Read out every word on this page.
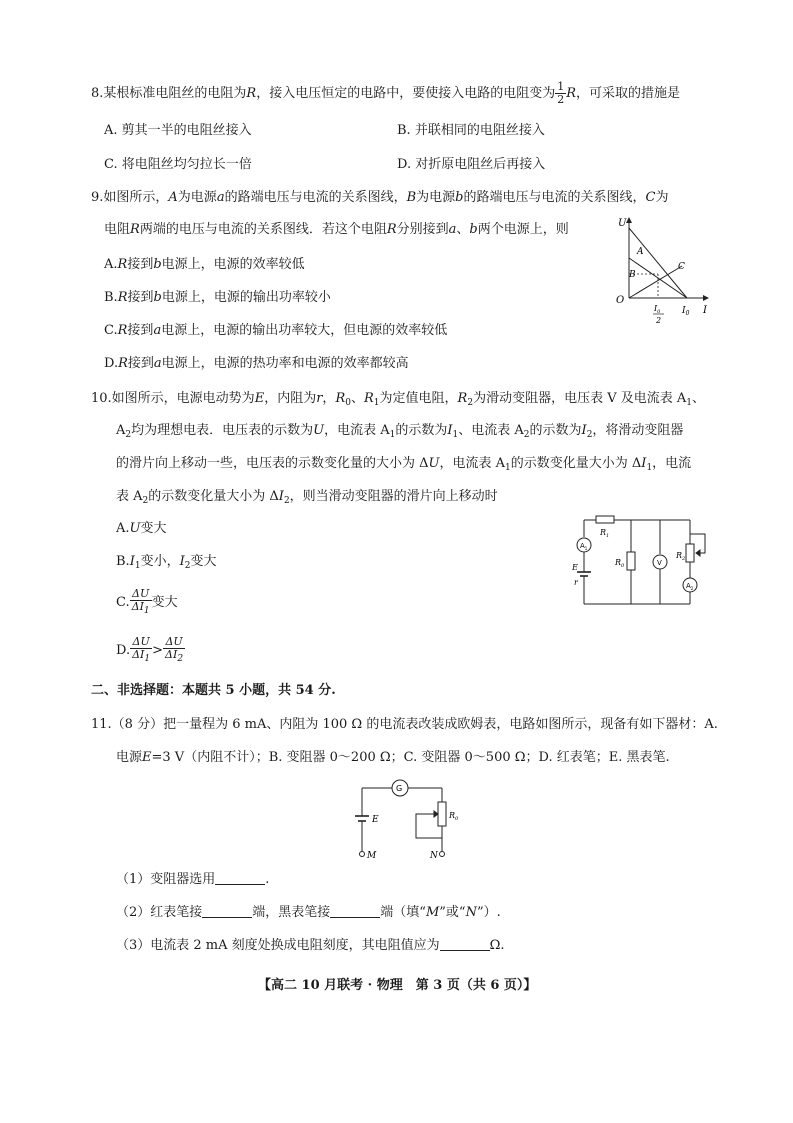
8.某根标准电阻丝的电阻为R，接入电压恒定的电路中，要使接入电路的电阻变为 $\frac{1}{2}$ R，可采取的措施是
A. 剪其一半的电阻丝接入	B. 并联相同的电阻丝接入
C. 将电阻丝均匀拉长一倍	D. 对折原电阻丝后再接入
9.如图所示，A为电源a的路端电压与电流的关系图线，B为电源b的路端电压与电流的关系图线，C为
电阻R两端的电压与电流的关系图线．若这个电阻R分别接到a、b两个电源上，则
A.R接到b电源上，电源的效率较低
B.R接到b电源上，电源的输出功率较小
C.R接到a电源上，电源的输出功率较大，但电源的效率较低
D.R接到a电源上，电源的热功率和电源的效率都较高
U
I
O
A
B
C
$I_0$
$I_0$
2
10.如图所示，电源电动势为E，内阻为r，$R_0$、$R_1$为定值电阻，$R_2$为滑动变阻器，电压表 V 及电流表 $A_1$、
$A_2$均为理想电表．电压表的示数为U，电流表 $A_1$的示数为$I_1$、电流表 $A_2$的示数为$I_2$，将滑动变阻器
的滑片向上移动一些，电压表的示数变化量的大小为 ΔU，电流表 $A_1$的示数变化量大小为 $\Delta I_1$，电流
表 $A_2$的示数变化量大小为 $\Delta I_2$，则当滑动变阻器的滑片向上移动时
A.U变大
$B.I_1$变小，$I_2$变大
C. $\frac{\Delta U}{\Delta I_1}$ 变大
D. $\frac{\Delta U}{\Delta I_1} > \frac{\Delta U}{\Delta I_2}$
$R_1$
$R_0$
$R_2$
$A_1$
$A_2$
V
E
r
二、非选择题：本题共 5 小题，共 54 分.
11.（8 分）把一量程为 6 mA、内阻为 100 Ω 的电流表改装成欧姆表，电路如图所示，现备有如下器材：A.
电源E=3 V（内阻不计）；B. 变阻器 0～200 Ω；C. 变阻器 0～500 Ω；D. 红表笔；E. 黑表笔.
G
E	$R_0$
M	N
（1）变阻器选用	.
（2）红表笔接	端，黑表笔接	端（填“M”或“N”）.
（3）电流表 2 mA 刻度处换成电阻刻度，其电阻值应为	Ω.
【高二 10 月联考 · 物理　第 3 页（共 6 页）】
